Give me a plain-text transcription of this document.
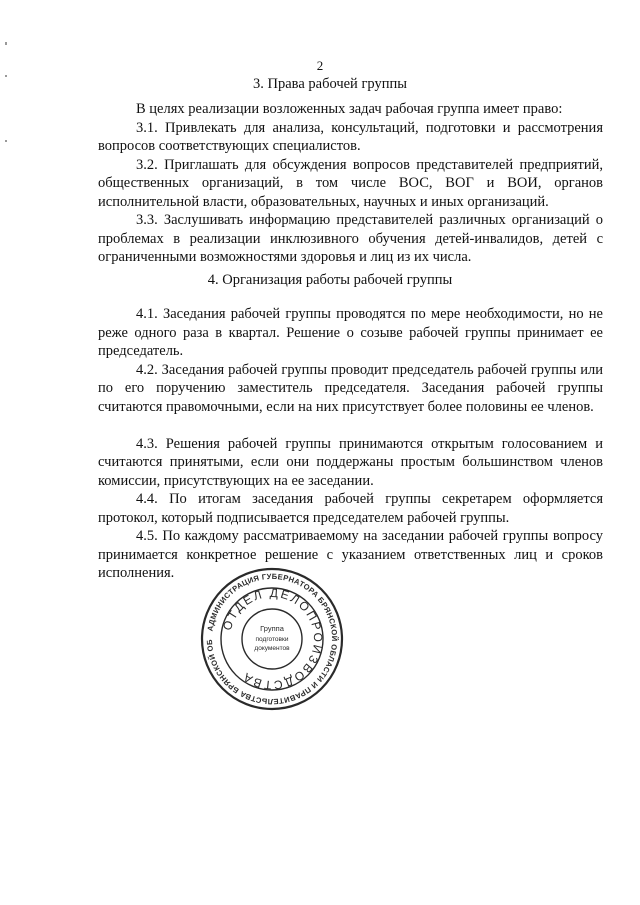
2
3. Права рабочей группы

В целях реализации возложенных задач рабочая группа имеет право:

3.1. Привлекать для анализа, консультаций, подготовки и рассмотрения вопросов соответствующих специалистов.

3.2. Приглашать для обсуждения вопросов представителей предприятий, общественных организаций, в том числе ВОС, ВОГ и ВОИ, органов исполнительной власти, образовательных, научных и иных организаций.

3.3. Заслушивать информацию представителей различных организаций о проблемах в реализации инклюзивного обучения детей-инвалидов, детей с ограниченными возможностями здоровья и лиц из их числа.

4. Организация работы рабочей группы

4.1. Заседания рабочей группы проводятся по мере необходимости, но не реже одного раза в квартал. Решение о созыве рабочей группы принимает ее председатель.

4.2. Заседания рабочей группы проводит председатель рабочей группы или по его поручению заместитель председателя. Заседания рабочей группы считаются правомочными, если на них присутствует более половины ее членов.

4.3. Решения рабочей группы принимаются открытым голосованием и считаются принятыми, если они поддержаны простым большинством членов комиссии, присутствующих на ее заседании.

4.4. По итогам заседания рабочей группы секретарем оформляется протокол, который подписывается председателем рабочей группы.

4.5. По каждому рассматриваемому на заседании рабочей группы вопросу принимается конкретное решение с указанием ответственных лиц и сроков исполнения.

АДМИНИСТРАЦИЯ ГУБЕРНАТОРА БРЯНСКОЙ ОБЛАСТИ И ПРАВИТЕЛЬСТВА БРЯНСКОЙ ОБ
ОТДЕЛ ДЕЛОПРОИЗВОДСТВА
Группа
подготовки
документов
